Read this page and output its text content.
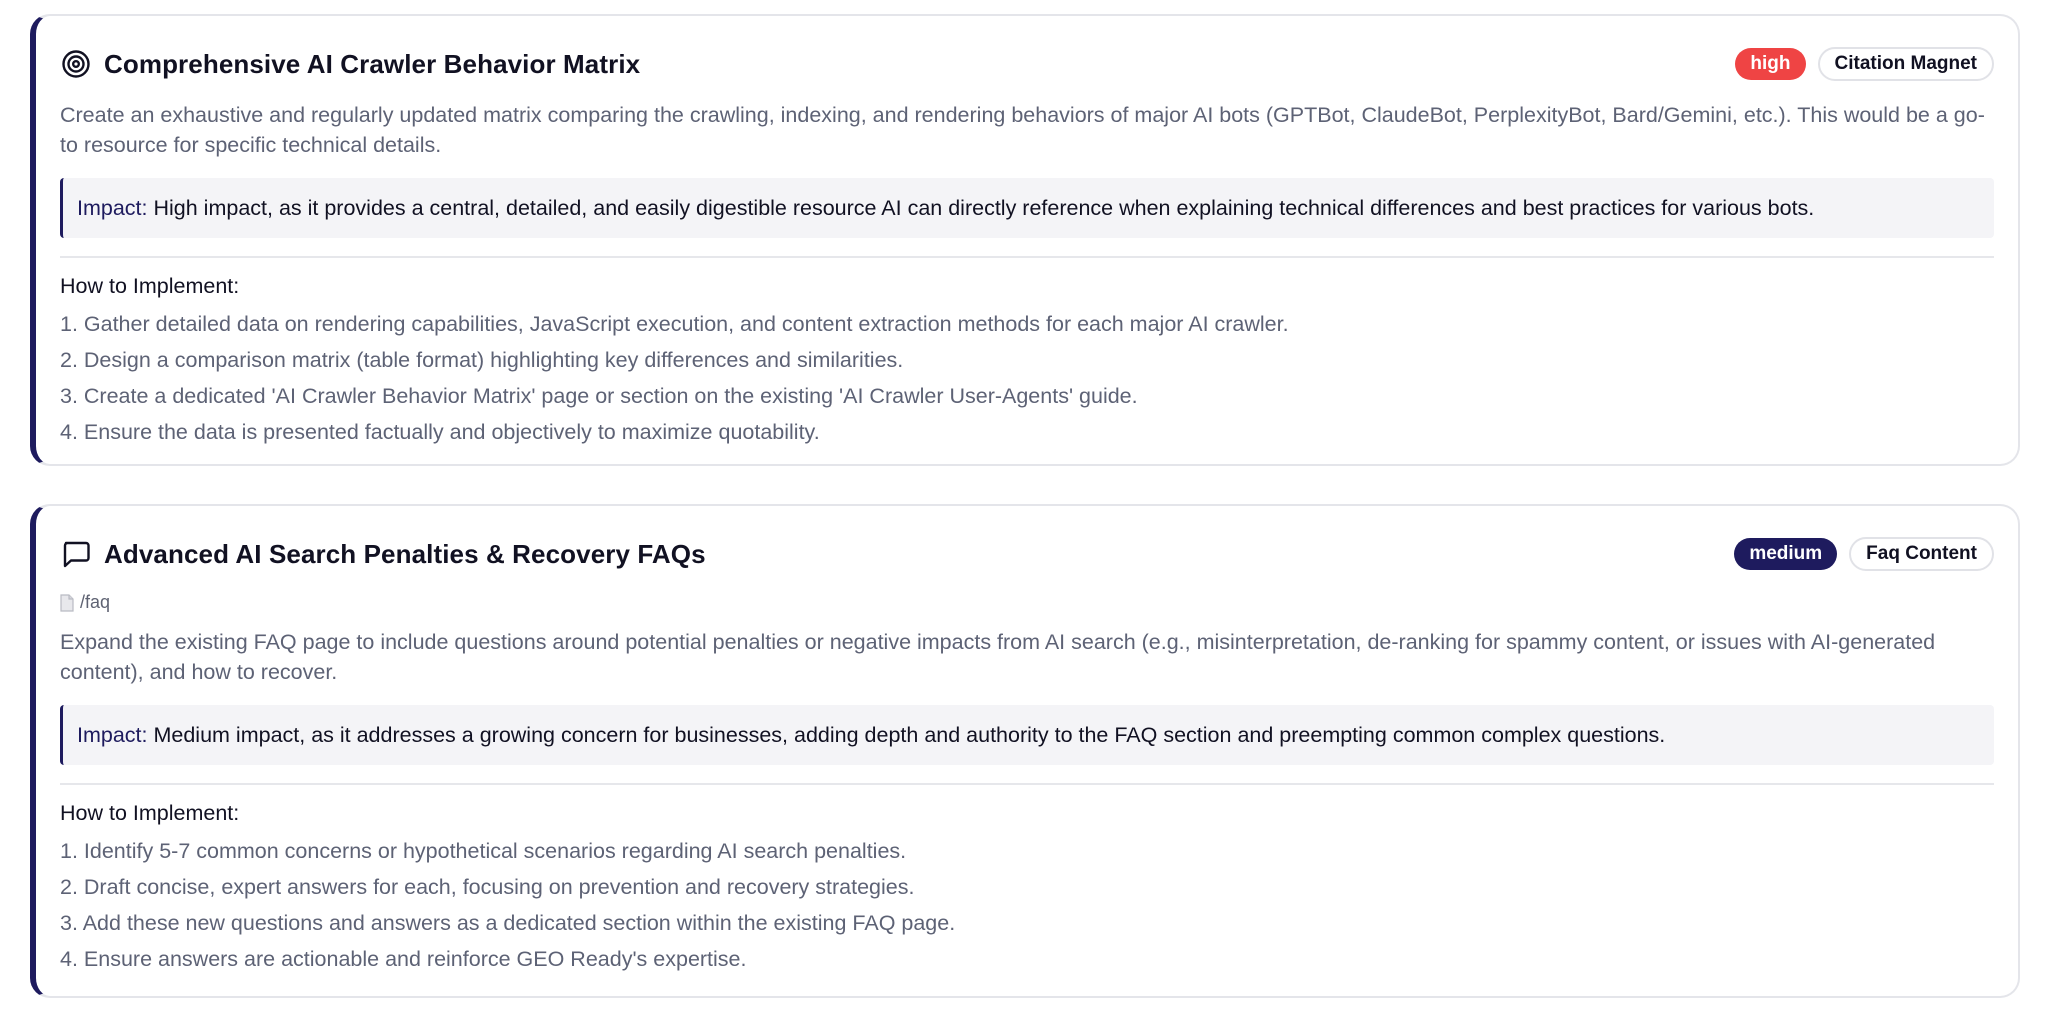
Comprehensive AI Crawler Behavior Matrix	high	Citation Magnet

Create an exhaustive and regularly updated matrix comparing the crawling, indexing, and rendering behaviors of major AI bots (GPTBot, ClaudeBot, PerplexityBot, Bard/Gemini, etc.). This would be a go-to resource for specific technical details.

Impact: High impact, as it provides a central, detailed, and easily digestible resource AI can directly reference when explaining technical differences and best practices for various bots.
How to Implement:
1. Gather detailed data on rendering capabilities, JavaScript execution, and content extraction methods for each major AI crawler.
2. Design a comparison matrix (table format) highlighting key differences and similarities.
3. Create a dedicated 'AI Crawler Behavior Matrix' page or section on the existing 'AI Crawler User-Agents' guide.
4. Ensure the data is presented factually and objectively to maximize quotability.
Advanced AI Search Penalties & Recovery FAQs	medium	Faq Content
/faq

Expand the existing FAQ page to include questions around potential penalties or negative impacts from AI search (e.g., misinterpretation, de-ranking for spammy content, or issues with AI-generated content), and how to recover.

Impact: Medium impact, as it addresses a growing concern for businesses, adding depth and authority to the FAQ section and preempting common complex questions.
How to Implement:
1. Identify 5-7 common concerns or hypothetical scenarios regarding AI search penalties.
2. Draft concise, expert answers for each, focusing on prevention and recovery strategies.
3. Add these new questions and answers as a dedicated section within the existing FAQ page.
4. Ensure answers are actionable and reinforce GEO Ready's expertise.
